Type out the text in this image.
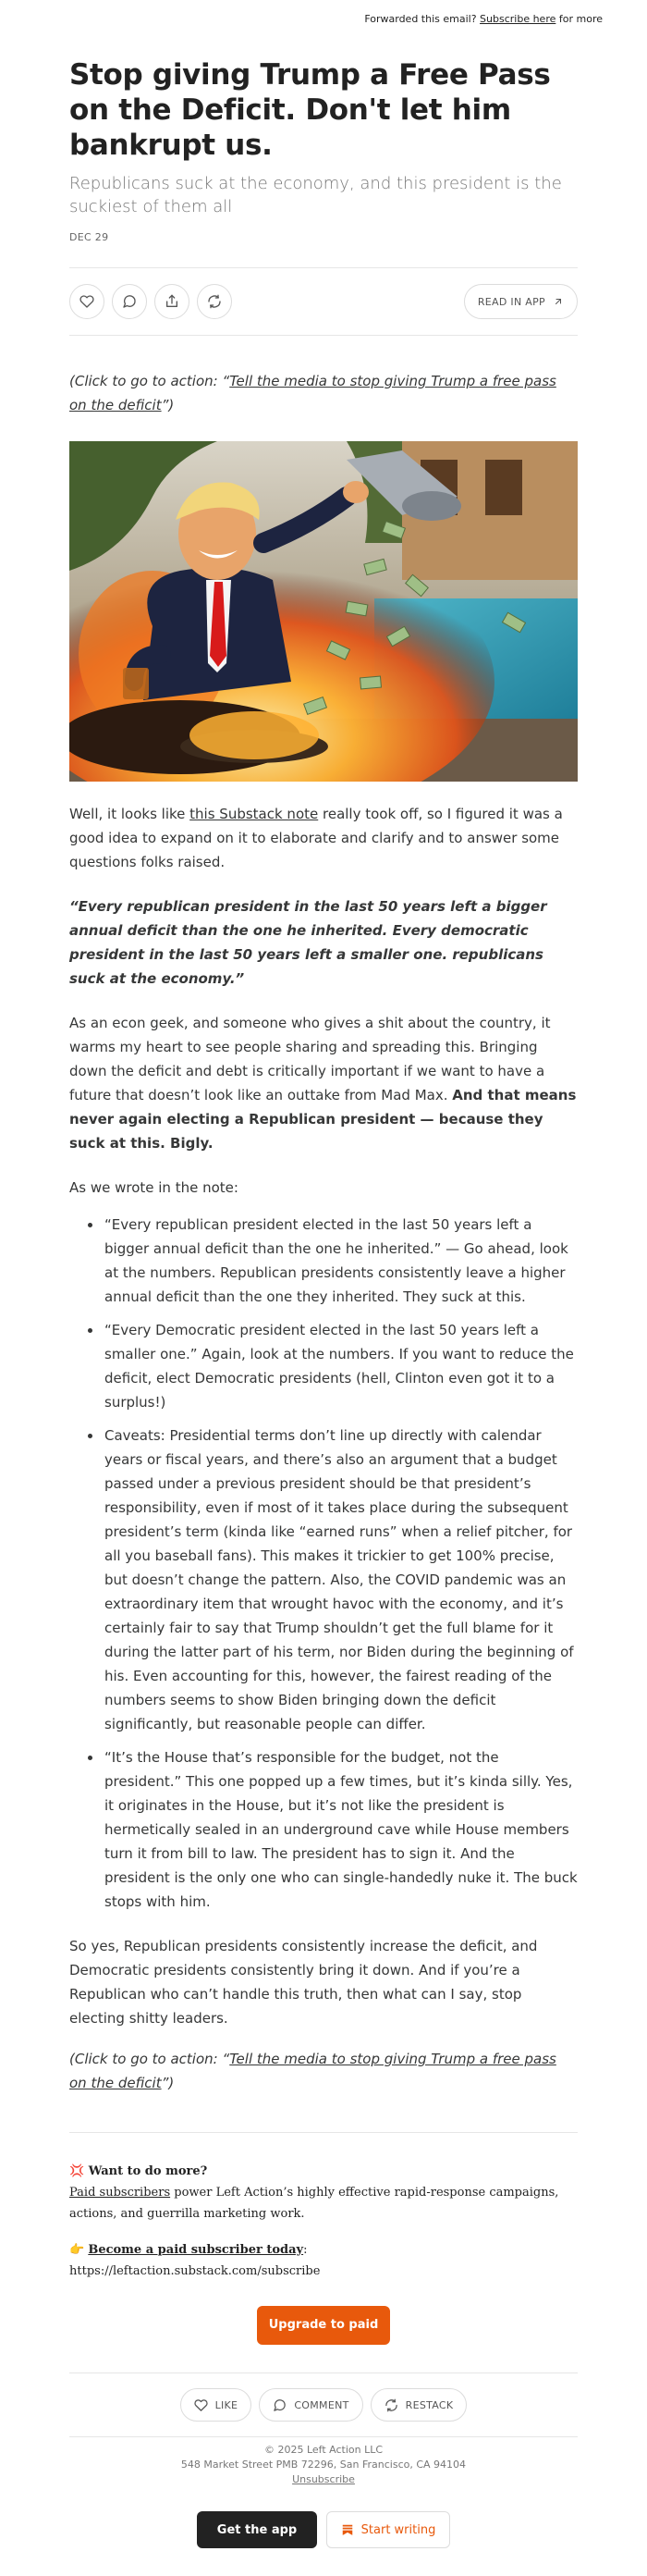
Forwarded this email? Subscribe here for more
Stop giving Trump a Free Pass on the Deficit. Don't let him bankrupt us.
Republicans suck at the economy, and this president is the suckiest of them all
DEC 29
READ IN APP
(Click to go to action: “Tell the media to stop giving Trump a free pass on the deficit”)

Well, it looks like this Substack note really took off, so I figured it was a good idea to expand on it to elaborate and clarify and to answer some questions folks raised.

“Every republican president in the last 50 years left a bigger annual deficit than the one he inherited. Every democratic president in the last 50 years left a smaller one. republicans suck at the economy.”

As an econ geek, and someone who gives a shit about the country, it warms my heart to see people sharing and spreading this. Bringing down the deficit and debt is critically important if we want to have a future that doesn’t look like an outtake from Mad Max. And that means never again electing a Republican president — because they suck at this. Bigly.

As we wrote in the note:

• “Every republican president elected in the last 50 years left a bigger annual deficit than the one he inherited.” — Go ahead, look at the numbers. Republican presidents consistently leave a higher annual deficit than the one they inherited. They suck at this.
• “Every Democratic president elected in the last 50 years left a smaller one.” Again, look at the numbers. If you want to reduce the deficit, elect Democratic presidents (hell, Clinton even got it to a surplus!)
• Caveats: Presidential terms don’t line up directly with calendar years or fiscal years, and there’s also an argument that a budget passed under a previous president should be that president’s responsibility, even if most of it takes place during the subsequent president’s term (kinda like “earned runs” when a relief pitcher, for all you baseball fans). This makes it trickier to get 100% precise, but doesn’t change the pattern. Also, the COVID pandemic was an extraordinary item that wrought havoc with the economy, and it’s certainly fair to say that Trump shouldn’t get the full blame for it during the latter part of his term, nor Biden during the beginning of his. Even accounting for this, however, the fairest reading of the numbers seems to show Biden bringing down the deficit significantly, but reasonable people can differ.
• “It’s the House that’s responsible for the budget, not the president.” This one popped up a few times, but it’s kinda silly. Yes, it originates in the House, but it’s not like the president is hermetically sealed in an underground cave while House members turn it from bill to law. The president has to sign it. And the president is the only one who can single-handedly nuke it. The buck stops with him.

So yes, Republican presidents consistently increase the deficit, and Democratic presidents consistently bring it down. And if you’re a Republican who can’t handle this truth, then what can I say, stop electing shitty leaders.

(Click to go to action: “Tell the media to stop giving Trump a free pass on the deficit”)
💢 Want to do more?
Paid subscribers power Left Action’s highly effective rapid-response campaigns, actions, and guerrilla marketing work.
👉 Become a paid subscriber today:
https://leftaction.substack.com/subscribe
Upgrade to paid
LIKE	COMMENT	RESTACK
© 2025 Left Action LLC
548 Market Street PMB 72296, San Francisco, CA 94104
Unsubscribe
Get the app	Start writing
